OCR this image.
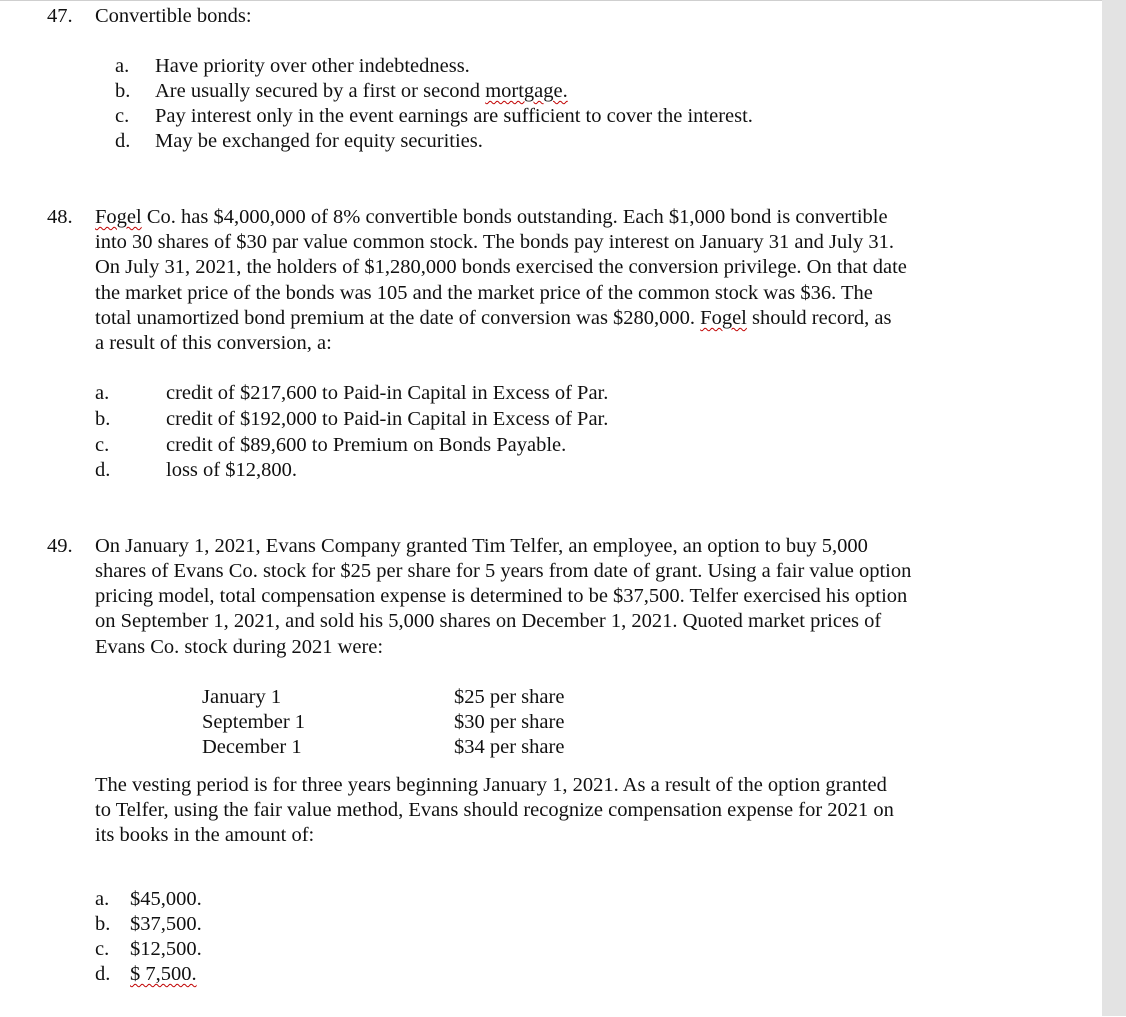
47. Convertible bonds:
a. Have priority over other indebtedness.
b. Are usually secured by a first or second mortgage.
c. Pay interest only in the event earnings are sufficient to cover the interest.
d. May be exchanged for equity securities.
48. Fogel Co. has $4,000,000 of 8% convertible bonds outstanding. Each $1,000 bond is convertible
into 30 shares of $30 par value common stock. The bonds pay interest on January 31 and July 31.
On July 31, 2021, the holders of $1,280,000 bonds exercised the conversion privilege. On that date
the market price of the bonds was 105 and the market price of the common stock was $36. The
total unamortized bond premium at the date of conversion was $280,000. Fogel should record, as
a result of this conversion, a:
a.	credit of $217,600 to Paid-in Capital in Excess of Par.
b.	credit of $192,000 to Paid-in Capital in Excess of Par.
c.	credit of $89,600 to Premium on Bonds Payable.
d.	loss of $12,800.
49. On January 1, 2021, Evans Company granted Tim Telfer, an employee, an option to buy 5,000
shares of Evans Co. stock for $25 per share for 5 years from date of grant. Using a fair value option
pricing model, total compensation expense is determined to be $37,500. Telfer exercised his option
on September 1, 2021, and sold his 5,000 shares on December 1, 2021. Quoted market prices of
Evans Co. stock during 2021 were:
January 1	$25 per share
September 1	$30 per share
December 1	$34 per share
The vesting period is for three years beginning January 1, 2021. As a result of the option granted
to Telfer, using the fair value method, Evans should recognize compensation expense for 2021 on
its books in the amount of:
a. $45,000.
b. $37,500.
c. $12,500.
d. $ 7,500.
